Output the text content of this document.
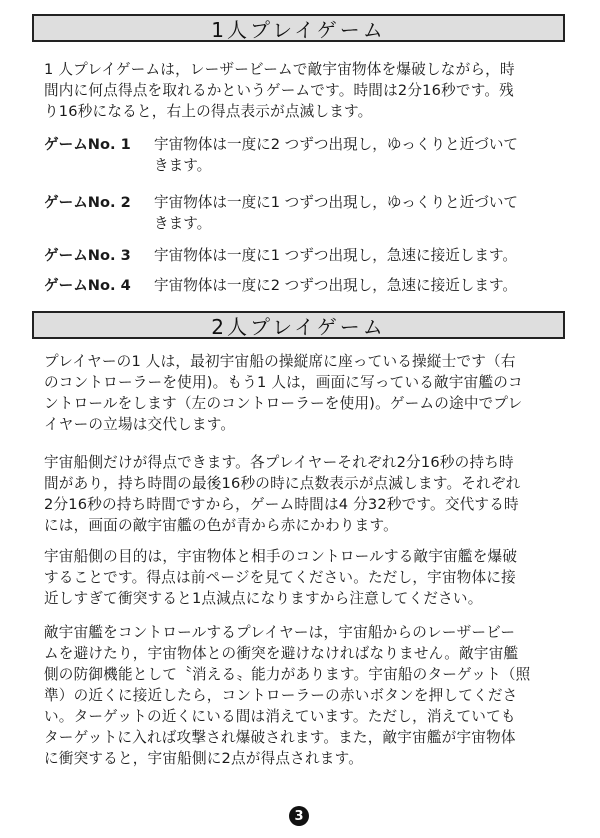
1人プレイゲーム

1 人プレイゲームは，レーザービームで敵宇宙物体を爆破しながら，時
間内に何点得点を取れるかというゲームです。時間は2分16秒です。残
り16秒になると，右上の得点表示が点滅します。

ゲームNo. 1 宇宙物体は一度に2 つずつ出現し，ゆっくりと近づいて
きます。
ゲームNo. 2 宇宙物体は一度に1 つずつ出現し，ゆっくりと近づいて
きます。
ゲームNo. 3 宇宙物体は一度に1 つずつ出現し，急速に接近します。
ゲームNo. 4 宇宙物体は一度に2 つずつ出現し，急速に接近します。
2人プレイゲーム

プレイヤーの1 人は，最初宇宙船の操縦席に座っている操縦士です（右
のコントローラーを使用)。もう1 人は，画面に写っている敵宇宙艦のコ
ントロールをします（左のコントローラーを使用)。ゲームの途中でプレ
イヤーの立場は交代します。

宇宙船側だけが得点できます。各プレイヤーそれぞれ2分16秒の持ち時
間があり，持ち時間の最後16秒の時に点数表示が点滅します。それぞれ
2分16秒の持ち時間ですから，ゲーム時間は4 分32秒です。交代する時
には，画面の敵宇宙艦の色が青から赤にかわります。

宇宙船側の目的は，宇宙物体と相手のコントロールする敵宇宙艦を爆破
することです。得点は前ページを見てください。ただし，宇宙物体に接
近しすぎて衝突すると1点減点になりますから注意してください。

敵宇宙艦をコントロールするプレイヤーは，宇宙船からのレーザービー
ムを避けたり，宇宙物体との衝突を避けなければなりません。敵宇宙艦
側の防御機能として〝消える〟能力があります。宇宙船のターゲット（照
準）の近くに接近したら，コントローラーの赤いボタンを押してくださ
い。ターゲットの近くにいる間は消えています。ただし，消えていても
ターゲットに入れば攻撃され爆破されます。また，敵宇宙艦が宇宙物体
に衝突すると，宇宙船側に2点が得点されます。

3
